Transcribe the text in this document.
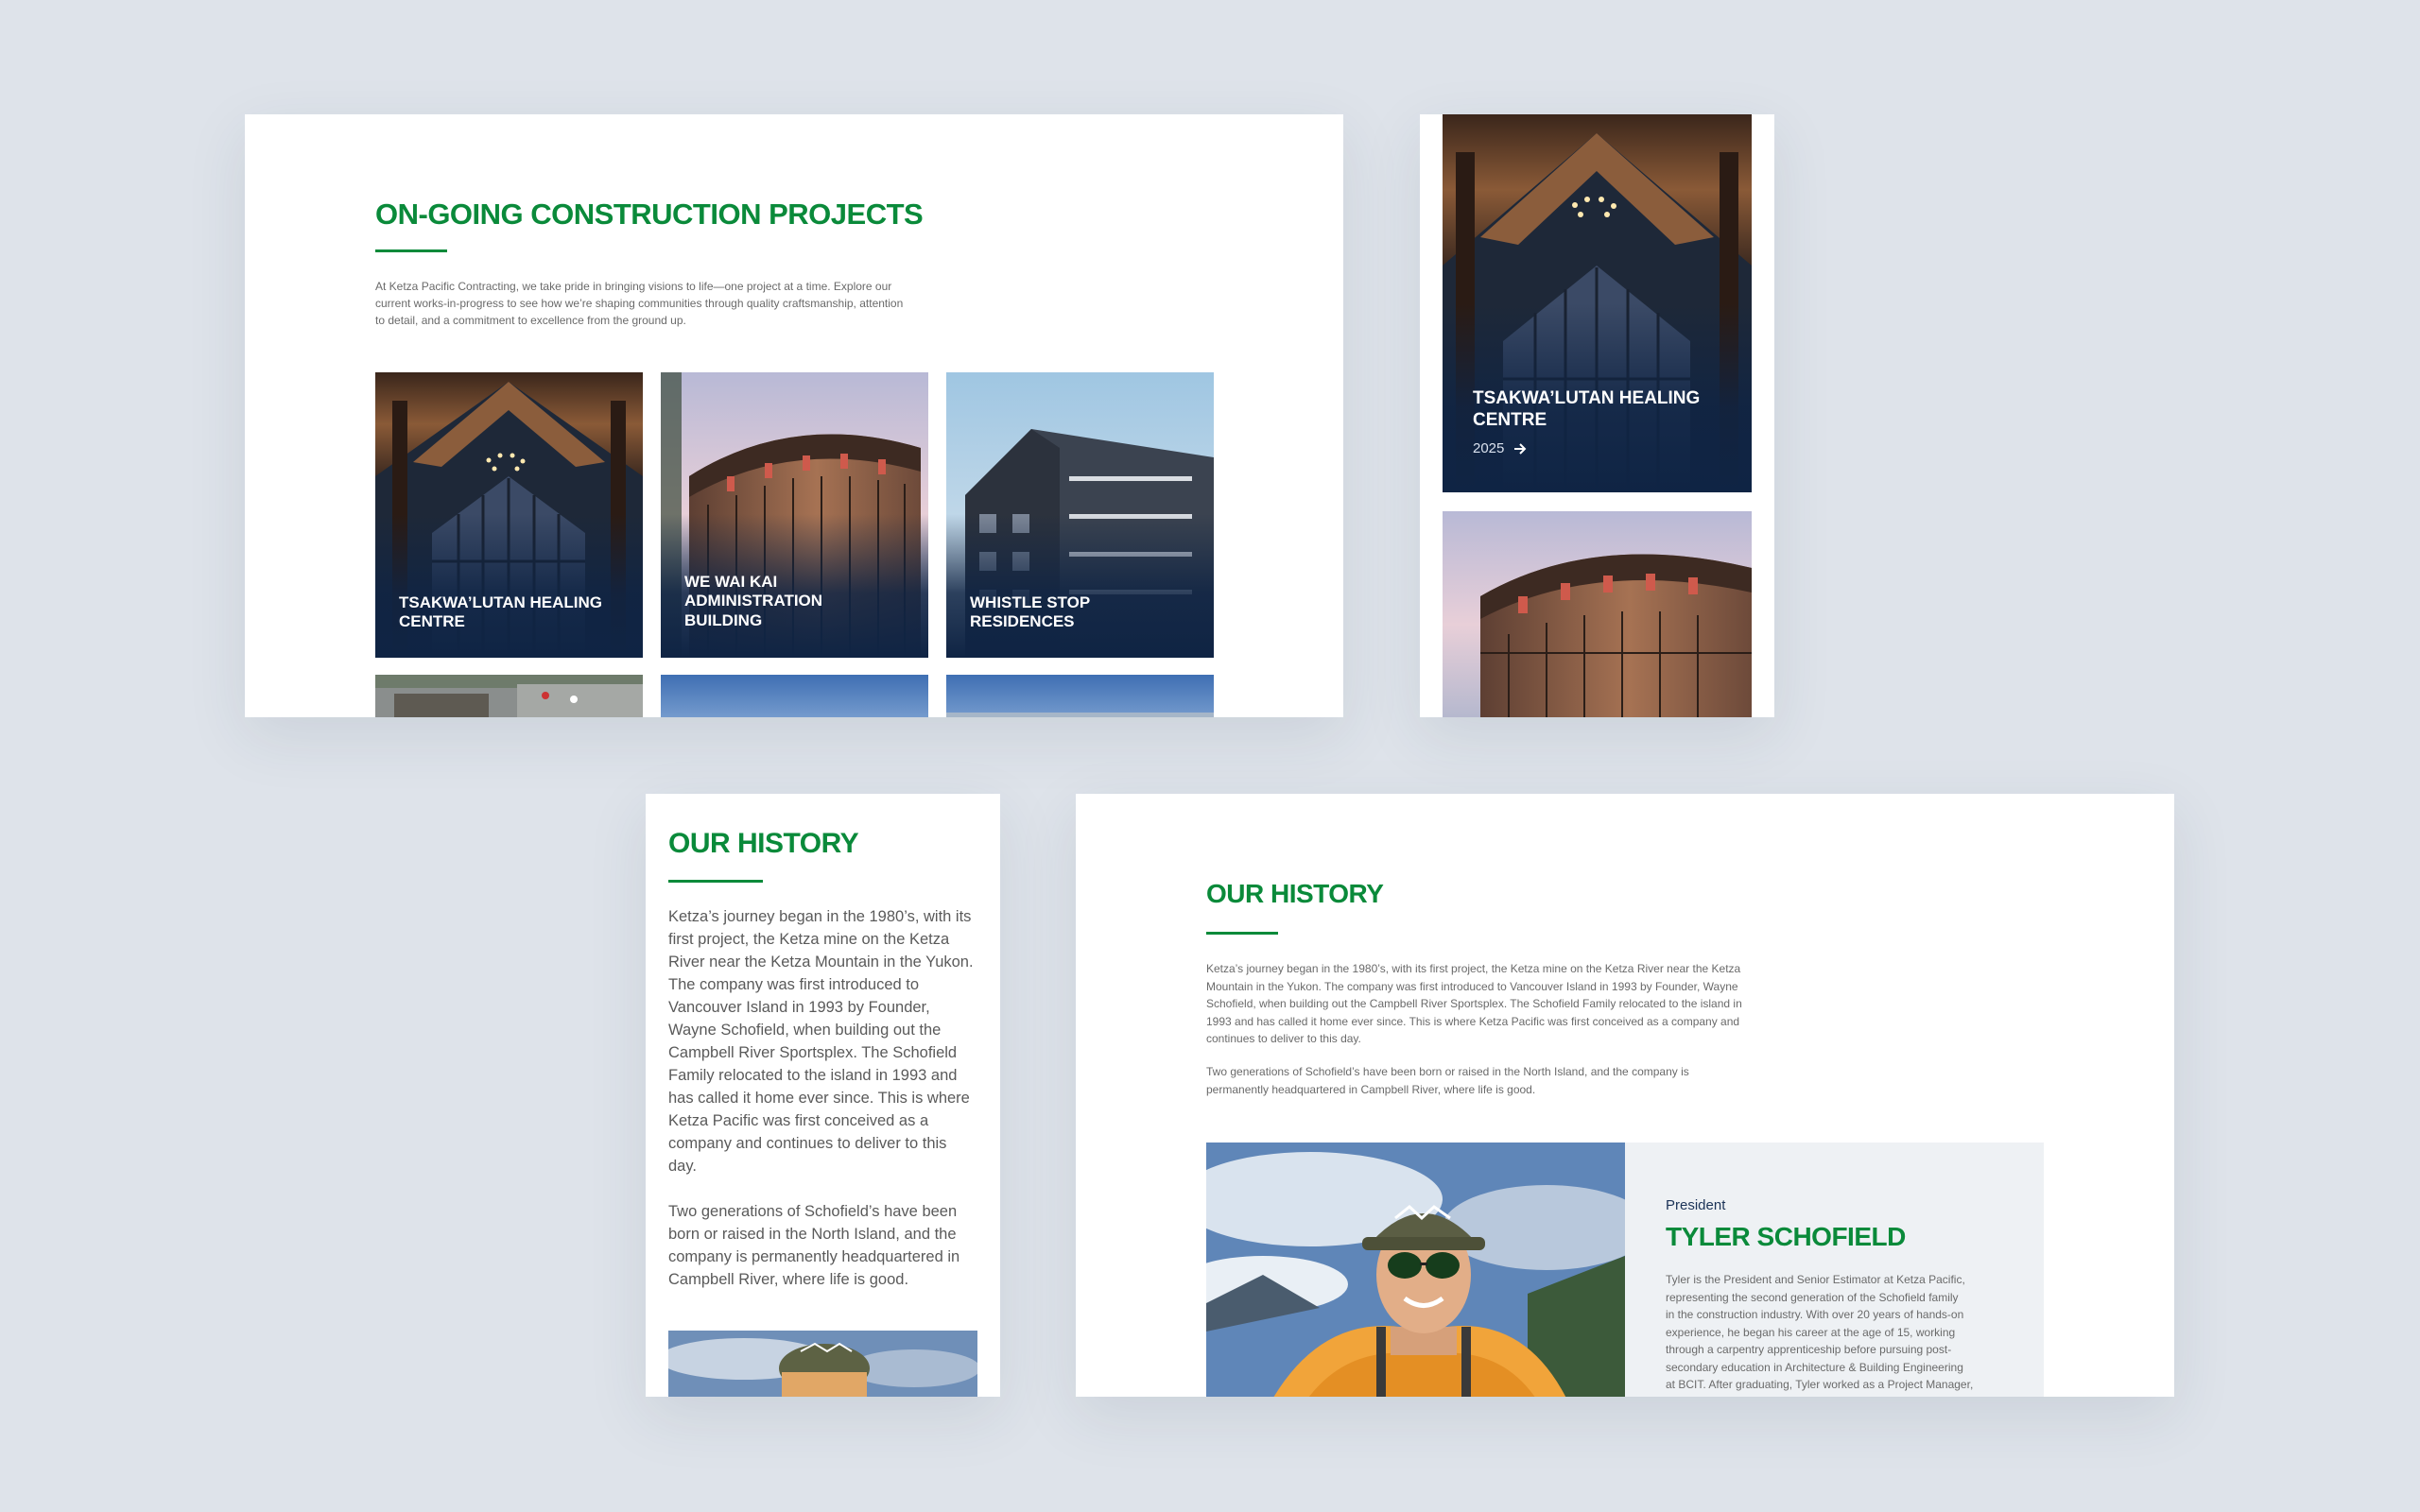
ON-GOING CONSTRUCTION PROJECTS
At Ketza Pacific Contracting, we take pride in bringing visions to life—one project at a time. Explore our
current works-in-progress to see how we’re shaping communities through quality craftsmanship, attention
to detail, and a commitment to excellence from the ground up.
TSAKWA’LUTAN HEALING
CENTRE
WE WAI KAI
ADMINISTRATION
BUILDING
WHISTLE STOP
RESIDENCES
TSAKWA’LUTAN HEALING
CENTRE
2025
OUR HISTORY
Ketza’s journey began in the 1980’s, with its
first project, the Ketza mine on the Ketza
River near the Ketza Mountain in the Yukon.
The company was first introduced to
Vancouver Island in 1993 by Founder,
Wayne Schofield, when building out the
Campbell River Sportsplex. The Schofield
Family relocated to the island in 1993 and
has called it home ever since. This is where
Ketza Pacific was first conceived as a
company and continues to deliver to this
day.
Two generations of Schofield’s have been
born or raised in the North Island, and the
company is permanently headquartered in
Campbell River, where life is good.
OUR HISTORY
Ketza’s journey began in the 1980’s, with its first project, the Ketza mine on the Ketza River near the Ketza
Mountain in the Yukon. The company was first introduced to Vancouver Island in 1993 by Founder, Wayne
Schofield, when building out the Campbell River Sportsplex. The Schofield Family relocated to the island in
1993 and has called it home ever since. This is where Ketza Pacific was first conceived as a company and
continues to deliver to this day.
Two generations of Schofield’s have been born or raised in the North Island, and the company is
permanently headquartered in Campbell River, where life is good.
President
TYLER SCHOFIELD
Tyler is the President and Senior Estimator at Ketza Pacific,
representing the second generation of the Schofield family
in the construction industry. With over 20 years of hands-on
experience, he began his career at the age of 15, working
through a carpentry apprenticeship before pursuing post-
secondary education in Architecture & Building Engineering
at BCIT. After graduating, Tyler worked as a Project Manager,
